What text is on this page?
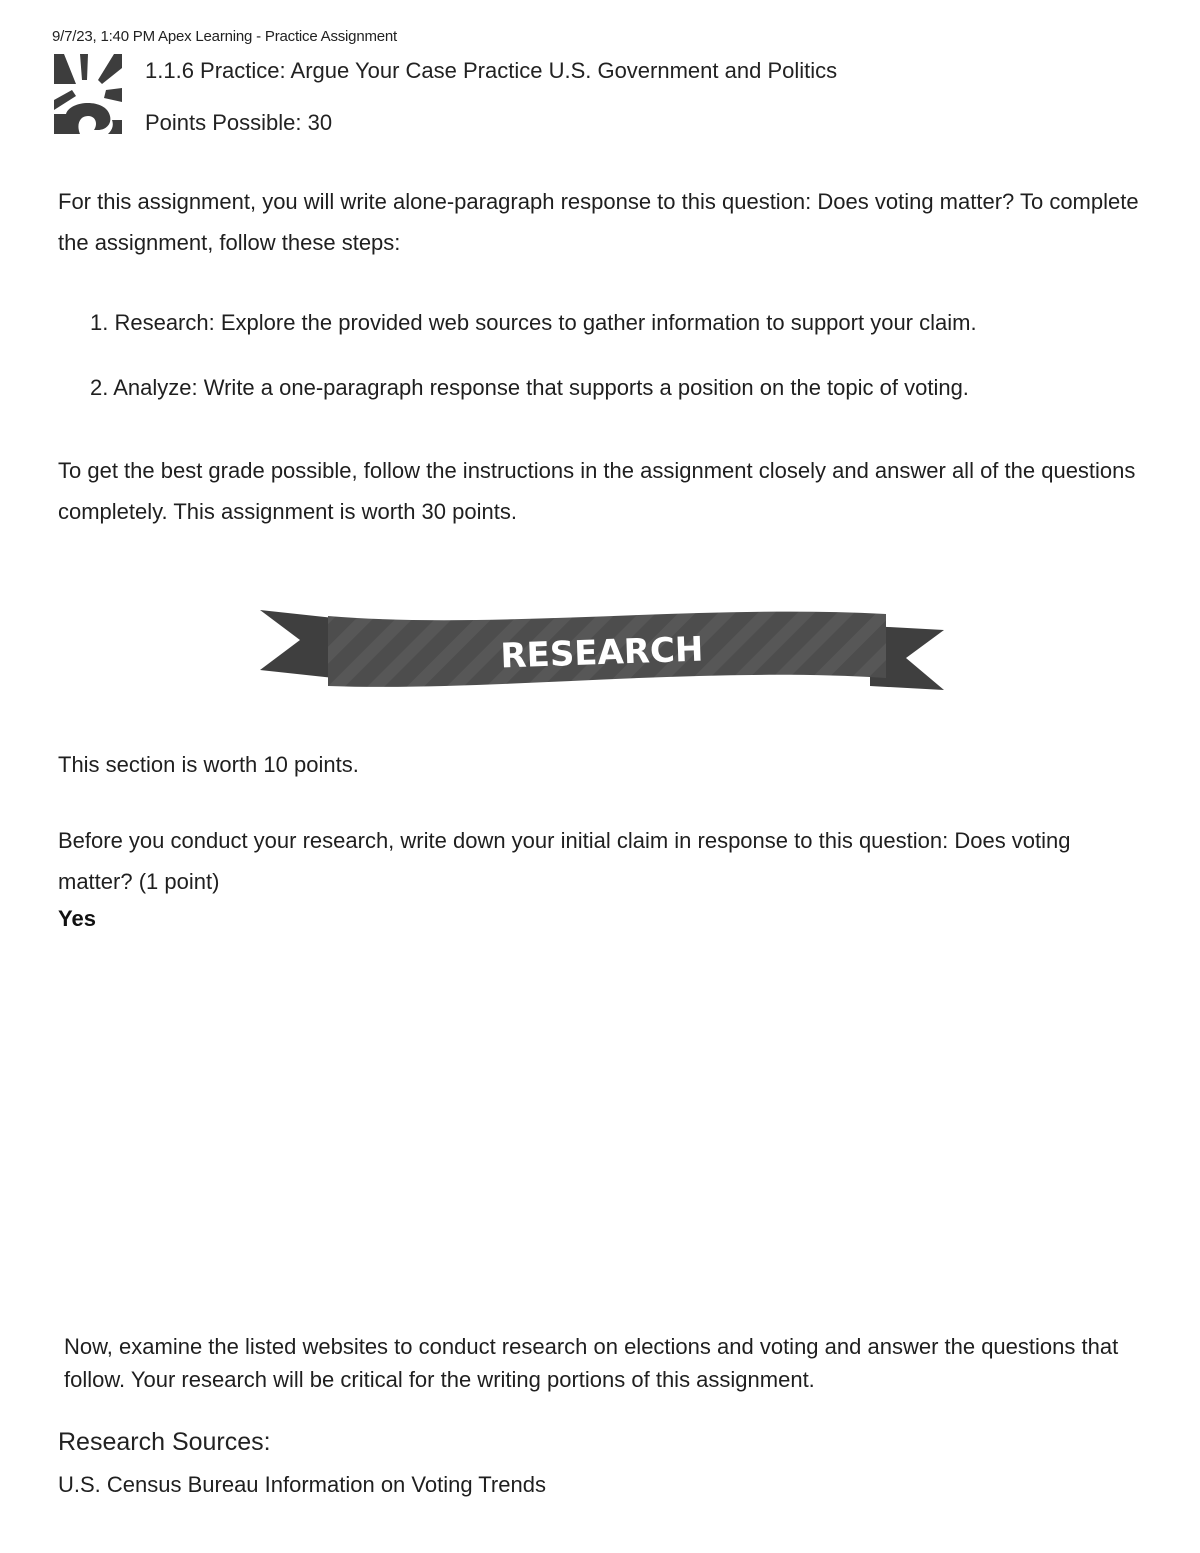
9/7/23, 1:40 PM Apex Learning - Practice Assignment
1.1.6 Practice: Argue Your Case Practice U.S. Government and Politics
Points Possible: 30
For this assignment, you will write alone-paragraph response to this question: Does voting matter? To complete the assignment, follow these steps:
1. Research: Explore the provided web sources to gather information to support your claim.
2. Analyze: Write a one-paragraph response that supports a position on the topic of voting.
To get the best grade possible, follow the instructions in the assignment closely and answer all of the questions completely. This assignment is worth 30 points.
RESEARCH
This section is worth 10 points.
Before you conduct your research, write down your initial claim in response to this question: Does voting matter? (1 point)
Yes
Now, examine the listed websites to conduct research on elections and voting and answer the questions that follow. Your research will be critical for the writing portions of this assignment.
Research Sources:
U.S. Census Bureau Information on Voting Trends
